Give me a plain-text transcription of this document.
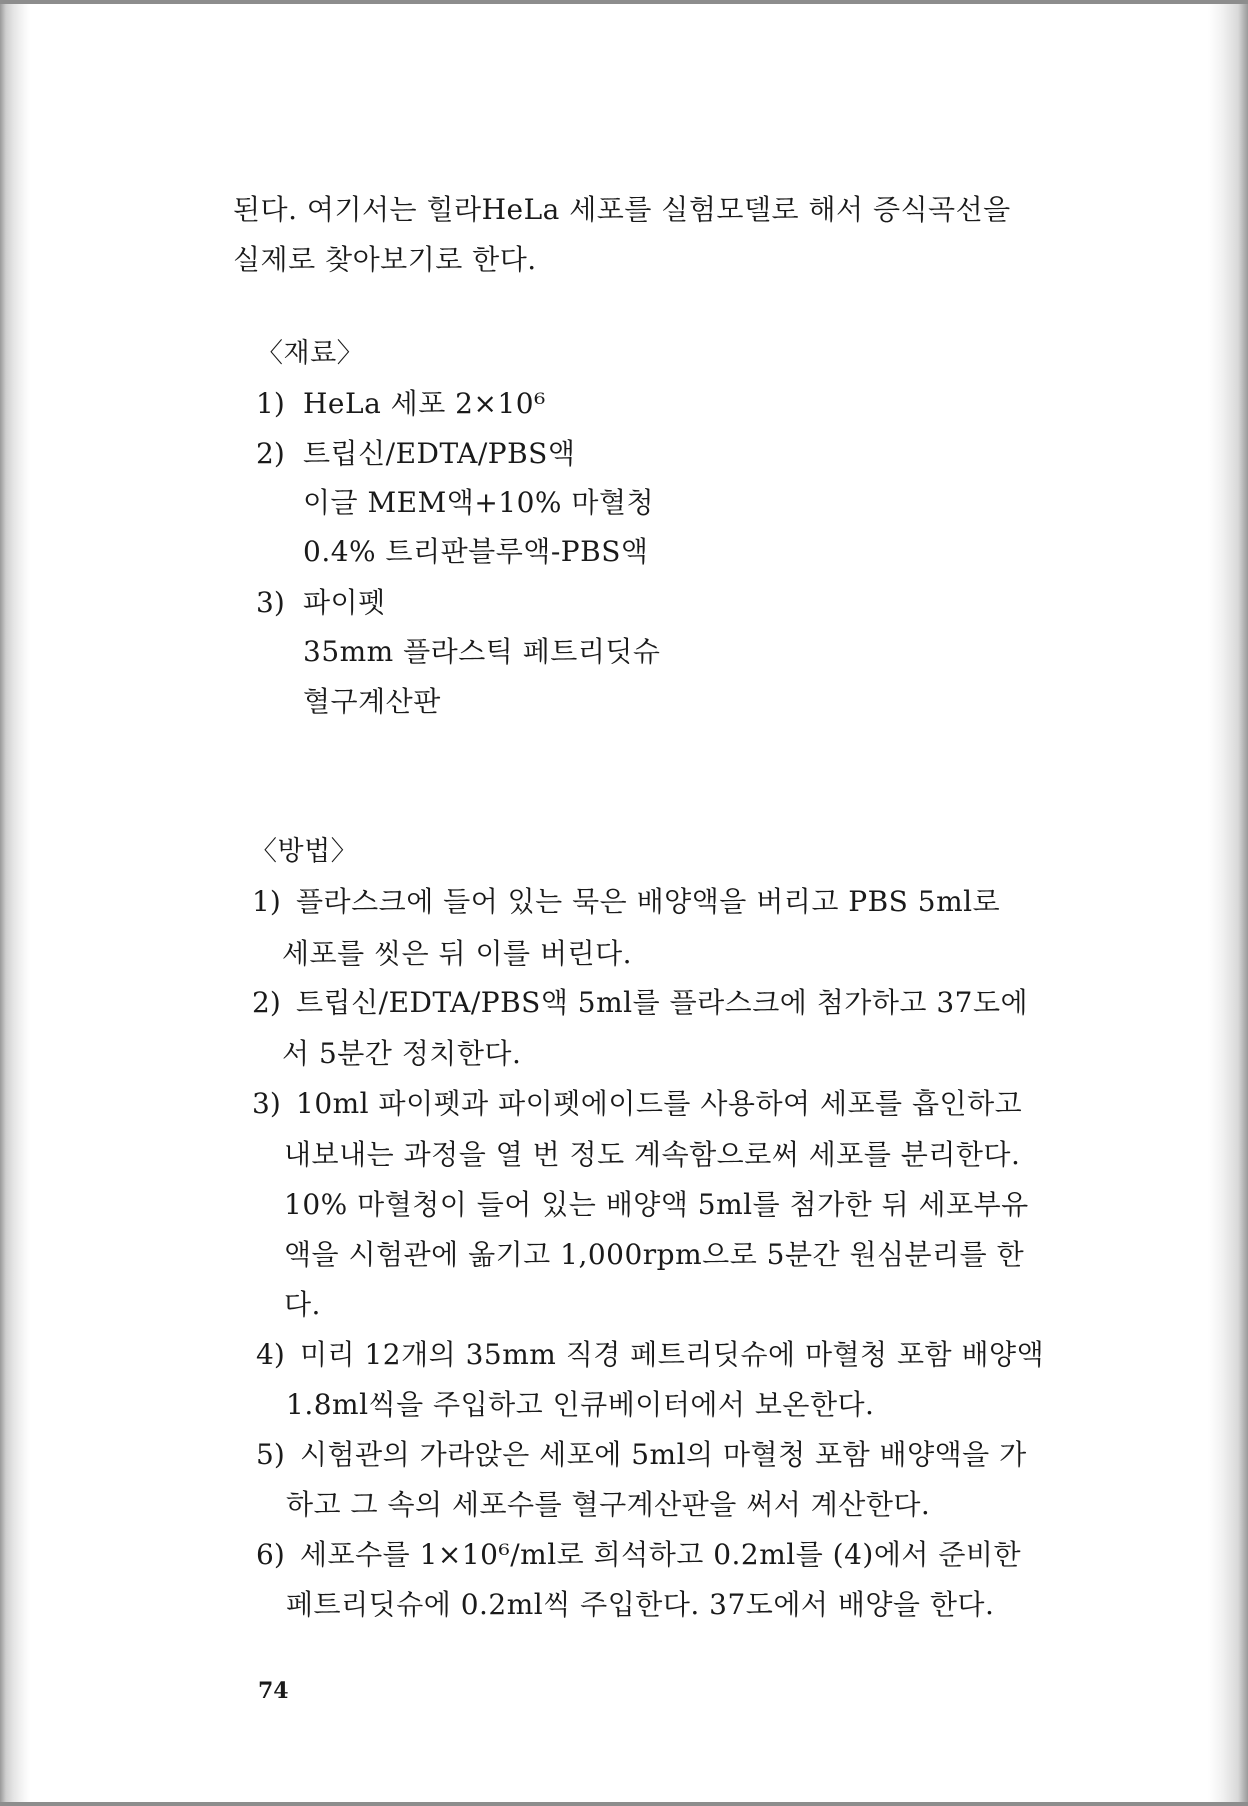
된다. 여기서는 힐라HeLa 세포를 실험모델로 해서 증식곡선을
실제로 찾아보기로 한다.
〈재료〉
1) HeLa 세포 2×10⁶
2) 트립신/EDTA/PBS액
이글 MEM액+10% 마혈청
0.4% 트리판블루액-PBS액
3) 파이펫
35mm 플라스틱 페트리딧슈
혈구계산판
〈방법〉
1) 플라스크에 들어 있는 묵은 배양액을 버리고 PBS 5ml로
세포를 씻은 뒤 이를 버린다.
2) 트립신/EDTA/PBS액 5ml를 플라스크에 첨가하고 37도에
서 5분간 정치한다.
3) 10ml 파이펫과 파이펫에이드를 사용하여 세포를 흡인하고
내보내는 과정을 열 번 정도 계속함으로써 세포를 분리한다.
10% 마혈청이 들어 있는 배양액 5ml를 첨가한 뒤 세포부유
액을 시험관에 옮기고 1,000rpm으로 5분간 원심분리를 한
다.
4) 미리 12개의 35mm 직경 페트리딧슈에 마혈청 포함 배양액
1.8ml씩을 주입하고 인큐베이터에서 보온한다.
5) 시험관의 가라앉은 세포에 5ml의 마혈청 포함 배양액을 가
하고 그 속의 세포수를 혈구계산판을 써서 계산한다.
6) 세포수를 1×10⁶/ml로 희석하고 0.2ml를 (4)에서 준비한
페트리딧슈에 0.2ml씩 주입한다. 37도에서 배양을 한다.
74
